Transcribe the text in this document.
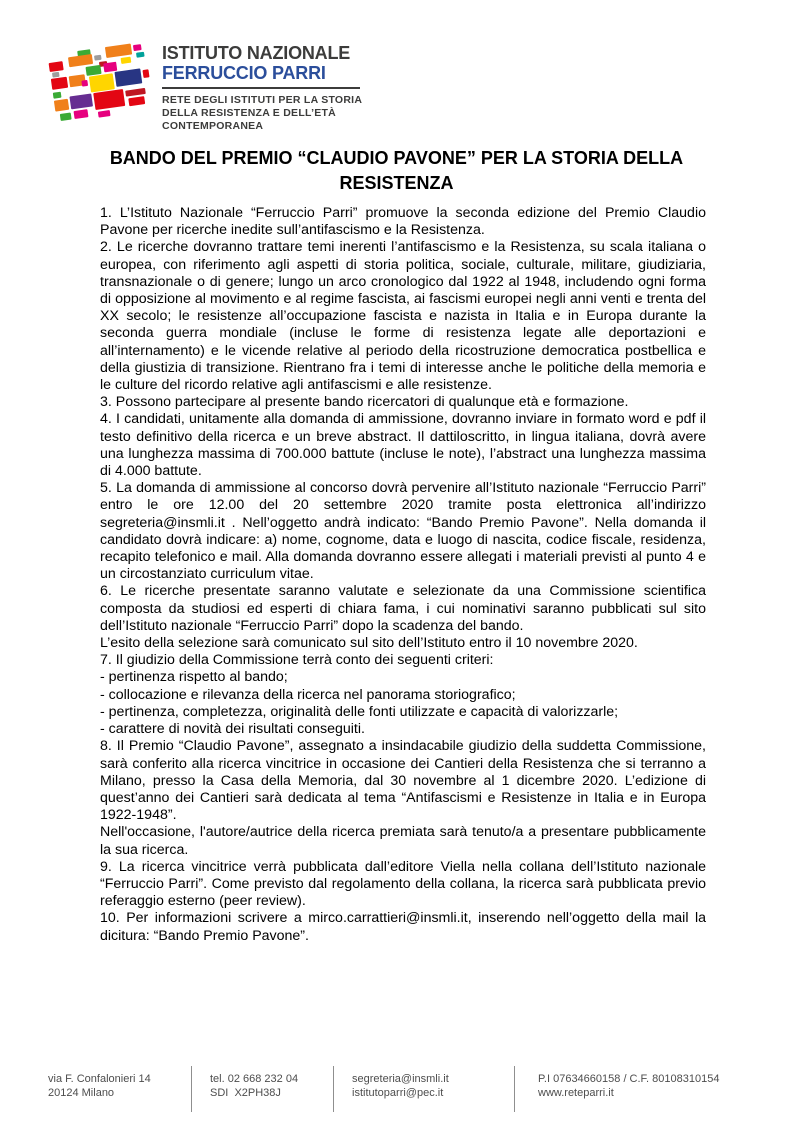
ISTITUTO NAZIONALE
FERRUCCIO PARRI
RETE DEGLI ISTITUTI PER LA STORIA
DELLA RESISTENZA E DELL’ETÀ
CONTEMPORANEA
BANDO DEL PREMIO “CLAUDIO PAVONE” PER LA STORIA DELLA RESISTENZA

1. L’Istituto Nazionale “Ferruccio Parri” promuove la seconda edizione del Premio Claudio Pavone per ricerche inedite sull’antifascismo e la Resistenza.

2. Le ricerche dovranno trattare temi inerenti l’antifascismo e la Resistenza, su scala italiana o europea, con riferimento agli aspetti di storia politica, sociale, culturale, militare, giudiziaria, transnazionale o di genere; lungo un arco cronologico dal 1922 al 1948, includendo ogni forma di opposizione al movimento e al regime fascista, ai fascismi europei negli anni venti e trenta del XX secolo; le resistenze all’occupazione fascista e nazista in Italia e in Europa durante la seconda guerra mondiale (incluse le forme di resistenza legate alle deportazioni e all’internamento) e le vicende relative al periodo della ricostruzione democratica postbellica e della giustizia di transizione. Rientrano fra i temi di interesse anche le politiche della memoria e le culture del ricordo relative agli antifascismi e alle resistenze.

3. Possono partecipare al presente bando ricercatori di qualunque età e formazione.

4. I candidati, unitamente alla domanda di ammissione, dovranno inviare in formato word e pdf il testo definitivo della ricerca e un breve abstract. Il dattiloscritto, in lingua italiana, dovrà avere una lunghezza massima di 700.000 battute (incluse le note), l’abstract una lunghezza massima di 4.000 battute.

5. La domanda di ammissione al concorso dovrà pervenire all’Istituto nazionale “Ferruccio Parri” entro le ore 12.00 del 20 settembre 2020 tramite posta elettronica all’indirizzo segreteria@insmli.it . Nell’oggetto andrà indicato: “Bando Premio Pavone”. Nella domanda il candidato dovrà indicare: a) nome, cognome, data e luogo di nascita, codice fiscale, residenza, recapito telefonico e mail. Alla domanda dovranno essere allegati i materiali previsti al punto 4 e un circostanziato curriculum vitae.

6. Le ricerche presentate saranno valutate e selezionate da una Commissione scientifica composta da studiosi ed esperti di chiara fama, i cui nominativi saranno pubblicati sul sito dell’Istituto nazionale “Ferruccio Parri” dopo la scadenza del bando.

L’esito della selezione sarà comunicato sul sito dell’Istituto entro il 10 novembre 2020.

7. Il giudizio della Commissione terrà conto dei seguenti criteri:

- pertinenza rispetto al bando;

- collocazione e rilevanza della ricerca nel panorama storiografico;

- pertinenza, completezza, originalità delle fonti utilizzate e capacità di valorizzarle;

- carattere di novità dei risultati conseguiti.

8. Il Premio “Claudio Pavone”, assegnato a insindacabile giudizio della suddetta Commissione, sarà conferito alla ricerca vincitrice in occasione dei Cantieri della Resistenza che si terranno a Milano, presso la Casa della Memoria, dal 30 novembre al 1 dicembre 2020. L’edizione di quest’anno dei Cantieri sarà dedicata al tema “Antifascismi e Resistenze in Italia e in Europa 1922-1948”.

Nell'occasione, l'autore/autrice della ricerca premiata sarà tenuto/a a presentare pubblicamente la sua ricerca.

9. La ricerca vincitrice verrà pubblicata dall’editore Viella nella collana dell’Istituto nazionale “Ferruccio Parri”. Come previsto dal regolamento della collana, la ricerca sarà pubblicata previo referaggio esterno (peer review).

10. Per informazioni scrivere a mirco.carrattieri@insmli.it, inserendo nell’oggetto della mail la dicitura: “Bando Premio Pavone”.

via F. Confalonieri 14
20124 Milano
tel. 02 668 232 04
SDI  X2PH38J
segreteria@insmli.it
istitutoparri@pec.it
P.I 07634660158 / C.F. 80108310154
www.reteparri.it
